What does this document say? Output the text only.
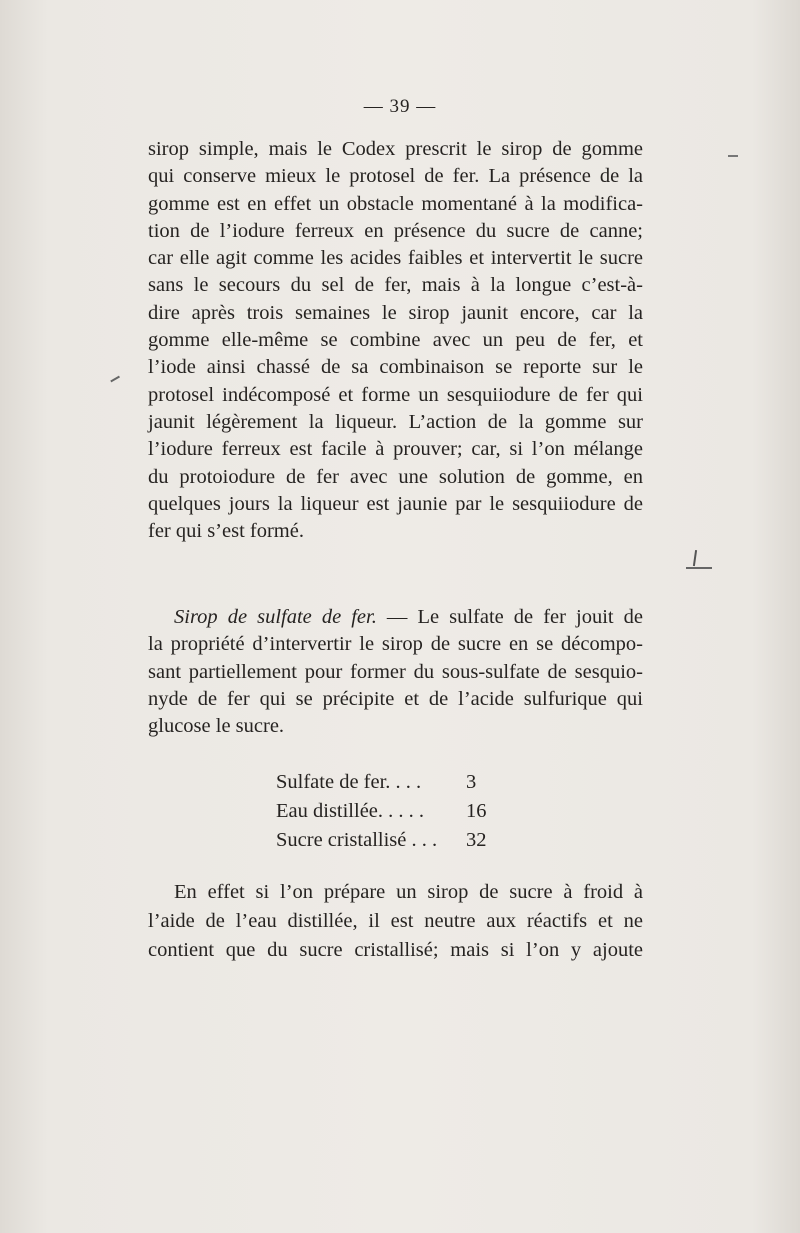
— 39 —
sirop simple, mais le Codex prescrit le sirop de gomme
qui conserve mieux le protosel de fer. La présence de la
gomme est en effet un obstacle momentané à la modifica-
tion de l’iodure ferreux en présence du sucre de canne;
car elle agit comme les acides faibles et intervertit le sucre
sans le secours du sel de fer, mais à la longue c’est-à-
dire après trois semaines le sirop jaunit encore, car la
gomme elle-même se combine avec un peu de fer, et
l’iode ainsi chassé de sa combinaison se reporte sur le
protosel indécomposé et forme un sesquiiodure de fer qui
jaunit légèrement la liqueur. L’action de la gomme sur
l’iodure ferreux est facile à prouver; car, si l’on mélange
du protoiodure de fer avec une solution de gomme, en
quelques jours la liqueur est jaunie par le sesquiiodure de
fer qui s’est formé.
Sirop de sulfate de fer. — Le sulfate de fer jouit de
la propriété d’intervertir le sirop de sucre en se décompo-
sant partiellement pour former du sous-sulfate de sesquio-
nyde de fer qui se précipite et de l’acide sulfurique qui
glucose le sucre.
Sulfate de fer. . . .	3
Eau distillée. . . . .	16
Sucre cristallisé . . .	32
En effet si l’on prépare un sirop de sucre à froid à
l’aide de l’eau distillée, il est neutre aux réactifs et ne
contient que du sucre cristallisé; mais si l’on y ajoute
